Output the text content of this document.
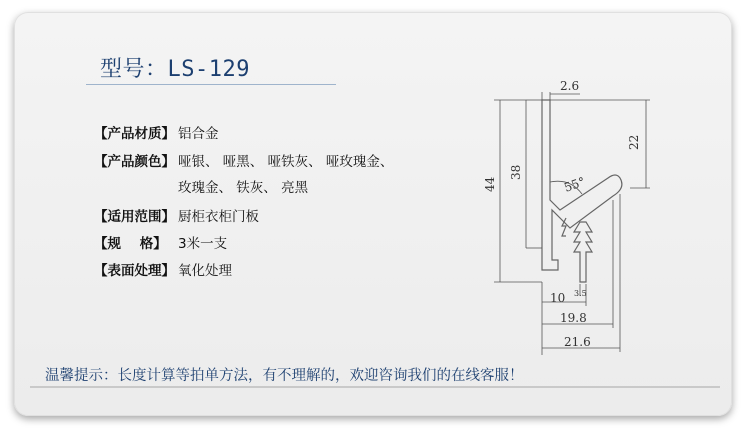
型号：LS-129
【产品材质】 铝合金
【产品颜色】 哑银、 哑黑、 哑铁灰、 哑玫瑰金、
玫瑰金、 铁灰、 亮黑
【适用范围】 厨柜衣柜门板
【规    格】 3米一支
【表面处理】 氧化处理
2.6
22
38
44	55°
3.5
10
19.8
21.6
温馨提示：长度计算等拍单方法，有不理解的，欢迎咨询我们的在线客服！
